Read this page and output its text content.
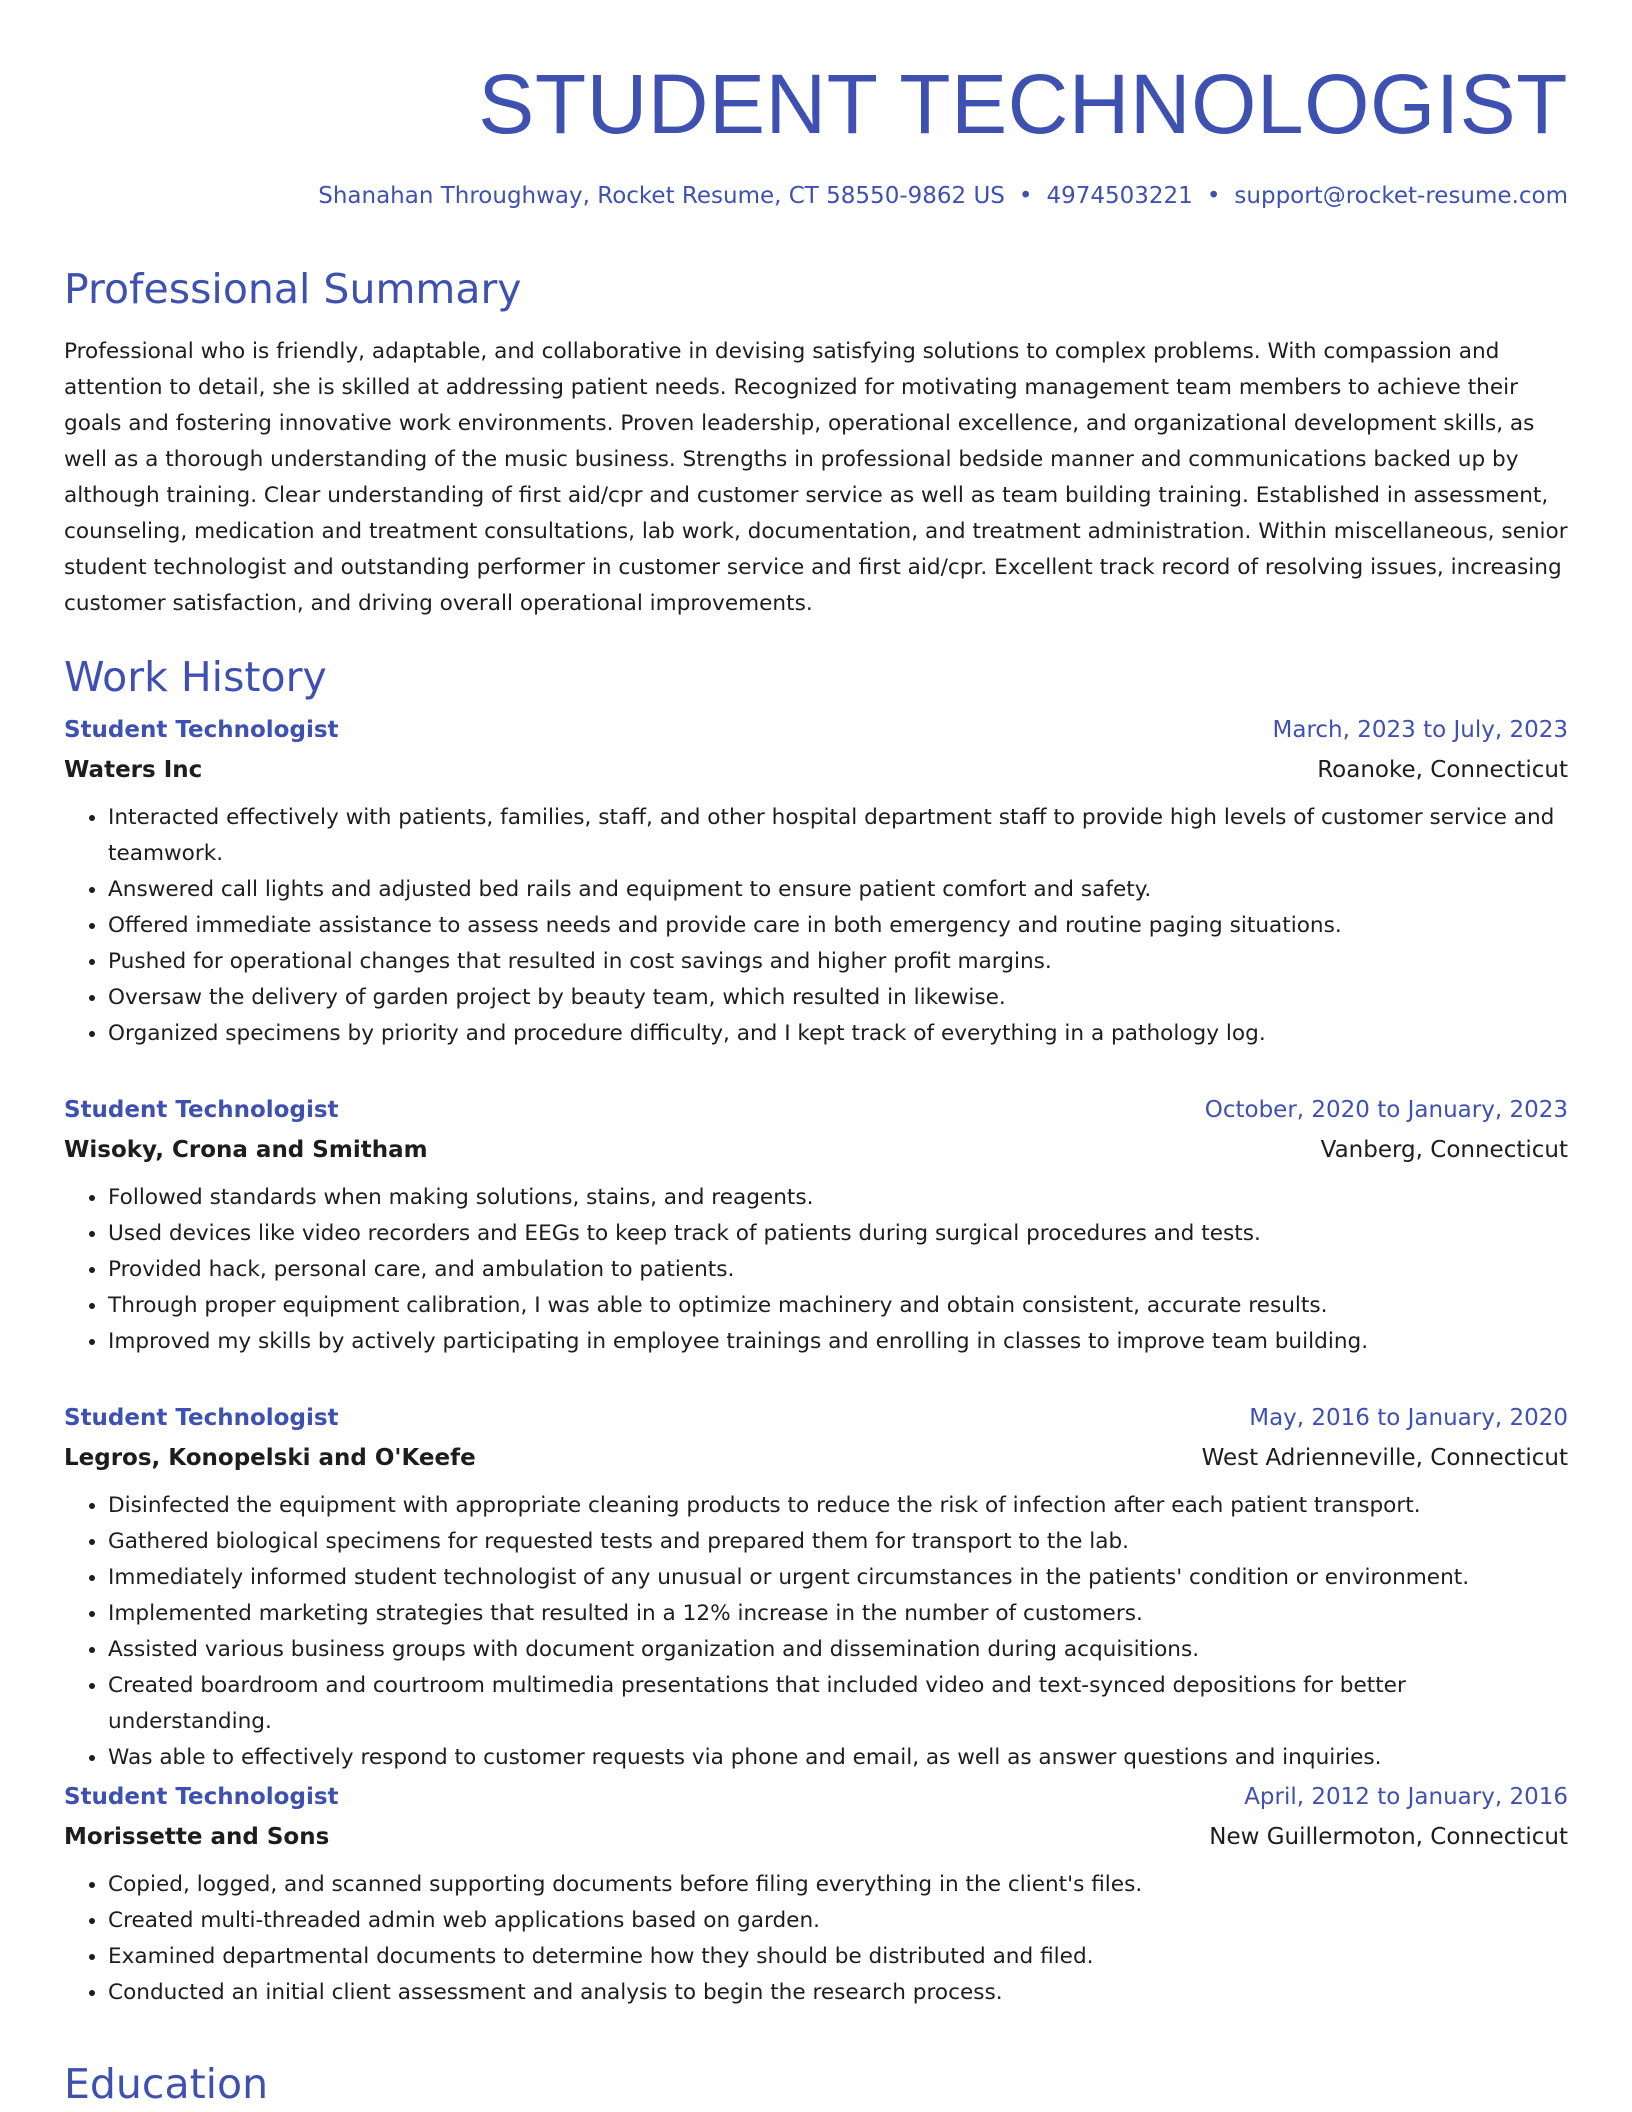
STUDENT TECHNOLOGIST
Shanahan Throughway, Rocket Resume, CT 58550-9862 US • 4974503221 • support@rocket-resume.com
Professional Summary

Professional who is friendly, adaptable, and collaborative in devising satisfying solutions to complex problems. With compassion and attention to detail, she is skilled at addressing patient needs. Recognized for motivating management team members to achieve their goals and fostering innovative work environments. Proven leadership, operational excellence, and organizational development skills, as well as a thorough understanding of the music business. Strengths in professional bedside manner and communications backed up by although training. Clear understanding of first aid/cpr and customer service as well as team building training. Established in assessment, counseling, medication and treatment consultations, lab work, documentation, and treatment administration. Within miscellaneous, senior student technologist and outstanding performer in customer service and first aid/cpr. Excellent track record of resolving issues, increasing customer satisfaction, and driving overall operational improvements.

Work History
Student Technologist	March, 2023 to July, 2023
Waters Inc	Roanoke, Connecticut
• Interacted effectively with patients, families, staff, and other hospital department staff to provide high levels of customer service and teamwork.
• Answered call lights and adjusted bed rails and equipment to ensure patient comfort and safety.
• Offered immediate assistance to assess needs and provide care in both emergency and routine paging situations.
• Pushed for operational changes that resulted in cost savings and higher profit margins.
• Oversaw the delivery of garden project by beauty team, which resulted in likewise.
• Organized specimens by priority and procedure difficulty, and I kept track of everything in a pathology log.
Student Technologist	October, 2020 to January, 2023
Wisoky, Crona and Smitham	Vanberg, Connecticut
• Followed standards when making solutions, stains, and reagents.
• Used devices like video recorders and EEGs to keep track of patients during surgical procedures and tests.
• Provided hack, personal care, and ambulation to patients.
• Through proper equipment calibration, I was able to optimize machinery and obtain consistent, accurate results.
• Improved my skills by actively participating in employee trainings and enrolling in classes to improve team building.
Student Technologist	May, 2016 to January, 2020
Legros, Konopelski and O'Keefe	West Adrienneville, Connecticut
• Disinfected the equipment with appropriate cleaning products to reduce the risk of infection after each patient transport.
• Gathered biological specimens for requested tests and prepared them for transport to the lab.
• Immediately informed student technologist of any unusual or urgent circumstances in the patients' condition or environment.
• Implemented marketing strategies that resulted in a 12% increase in the number of customers.
• Assisted various business groups with document organization and dissemination during acquisitions.
• Created boardroom and courtroom multimedia presentations that included video and text-synced depositions for better understanding.
• Was able to effectively respond to customer requests via phone and email, as well as answer questions and inquiries.
Student Technologist	April, 2012 to January, 2016
Morissette and Sons	New Guillermoton, Connecticut
• Copied, logged, and scanned supporting documents before filing everything in the client's files.
• Created multi-threaded admin web applications based on garden.
• Examined departmental documents to determine how they should be distributed and filed.
• Conducted an initial client assessment and analysis to begin the research process.
Education
